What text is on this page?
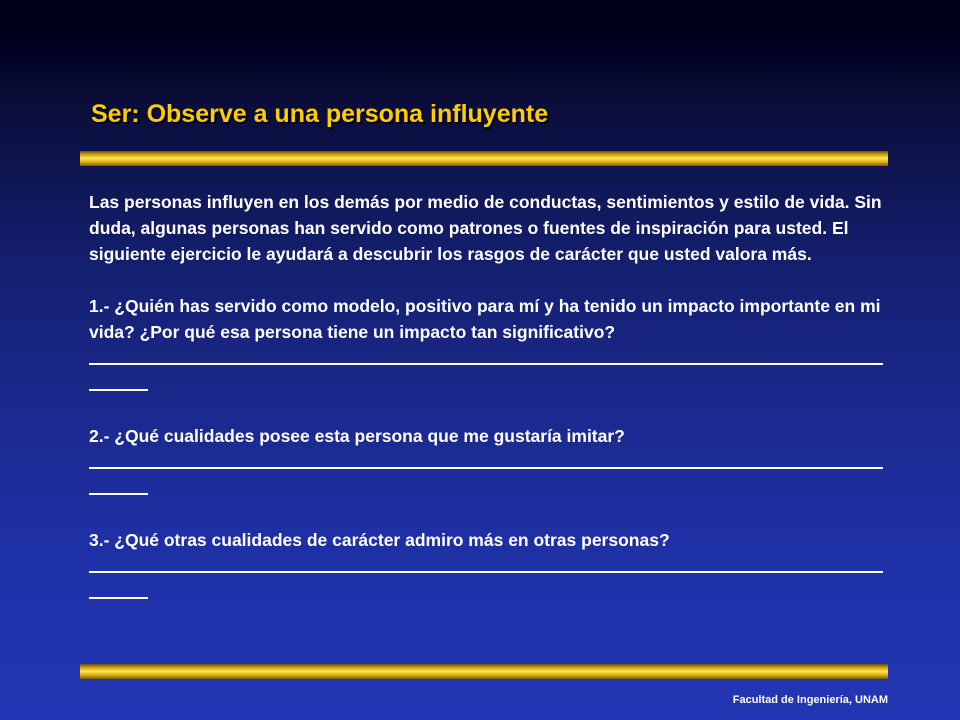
Ser: Observe a una persona influyente

Las personas influyen en los demás por medio de conductas, sentimientos y estilo de vida. Sin duda, algunas personas han servido como patrones o fuentes de inspiración para usted. El siguiente ejercicio le ayudará a descubrir los rasgos de carácter que usted valora más.

1.- ¿Quién has servido como modelo, positivo para mí y ha tenido un impacto importante en mi vida? ¿Por qué esa persona tiene un impacto tan significativo?

2.- ¿Qué cualidades posee esta persona que me gustaría imitar?

3.- ¿Qué otras cualidades de carácter admiro más en otras personas?

Facultad de Ingeniería, UNAM
